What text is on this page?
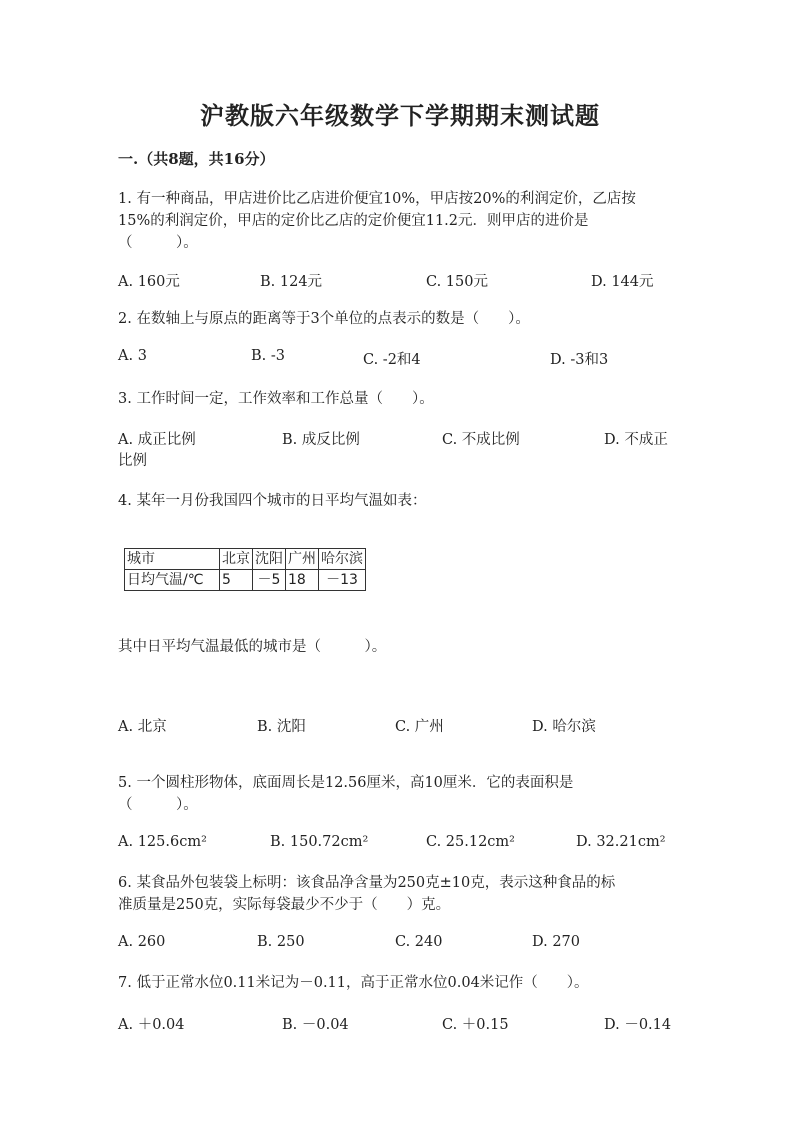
沪教版六年级数学下学期期末测试题
一.（共8题，共16分）
1. 有一种商品，甲店进价比乙店进价便宜10%，甲店按20%的利润定价，乙店按
15%的利润定价，甲店的定价比乙店的定价便宜11.2元．则甲店的进价是
（　　　）。
A. 160元	B. 124元	C. 150元	D. 144元
2. 在数轴上与原点的距离等于3个单位的点表示的数是（　　）。
A. 3	B. -3	C. -2和4	D. -3和3
3. 工作时间一定，工作效率和工作总量（　　）。
A. 成正比例	B. 成反比例	C. 不成比例	D. 不成正
比例
4. 某年一月份我国四个城市的日平均气温如表：
城市	北京	沈阳	广州	哈尔滨
日均气温/℃	5	－5	18	－13
其中日平均气温最低的城市是（　　　）。
A. 北京	B. 沈阳	C. 广州	D. 哈尔滨
5. 一个圆柱形物体，底面周长是12.56厘米，高10厘米．它的表面积是
（　　　）。
A. 125.6cm²	B. 150.72cm²	C. 25.12cm²	D. 32.21cm²
6. 某食品外包装袋上标明：该食品净含量为250克±10克，表示这种食品的标
准质量是250克，实际每袋最少不少于（　　）克。
A. 260	B. 250	C. 240	D. 270
7. 低于正常水位0.11米记为－0.11，高于正常水位0.04米记作（　　）。
A. ＋0.04	B. －0.04	C. ＋0.15	D. －0.14
